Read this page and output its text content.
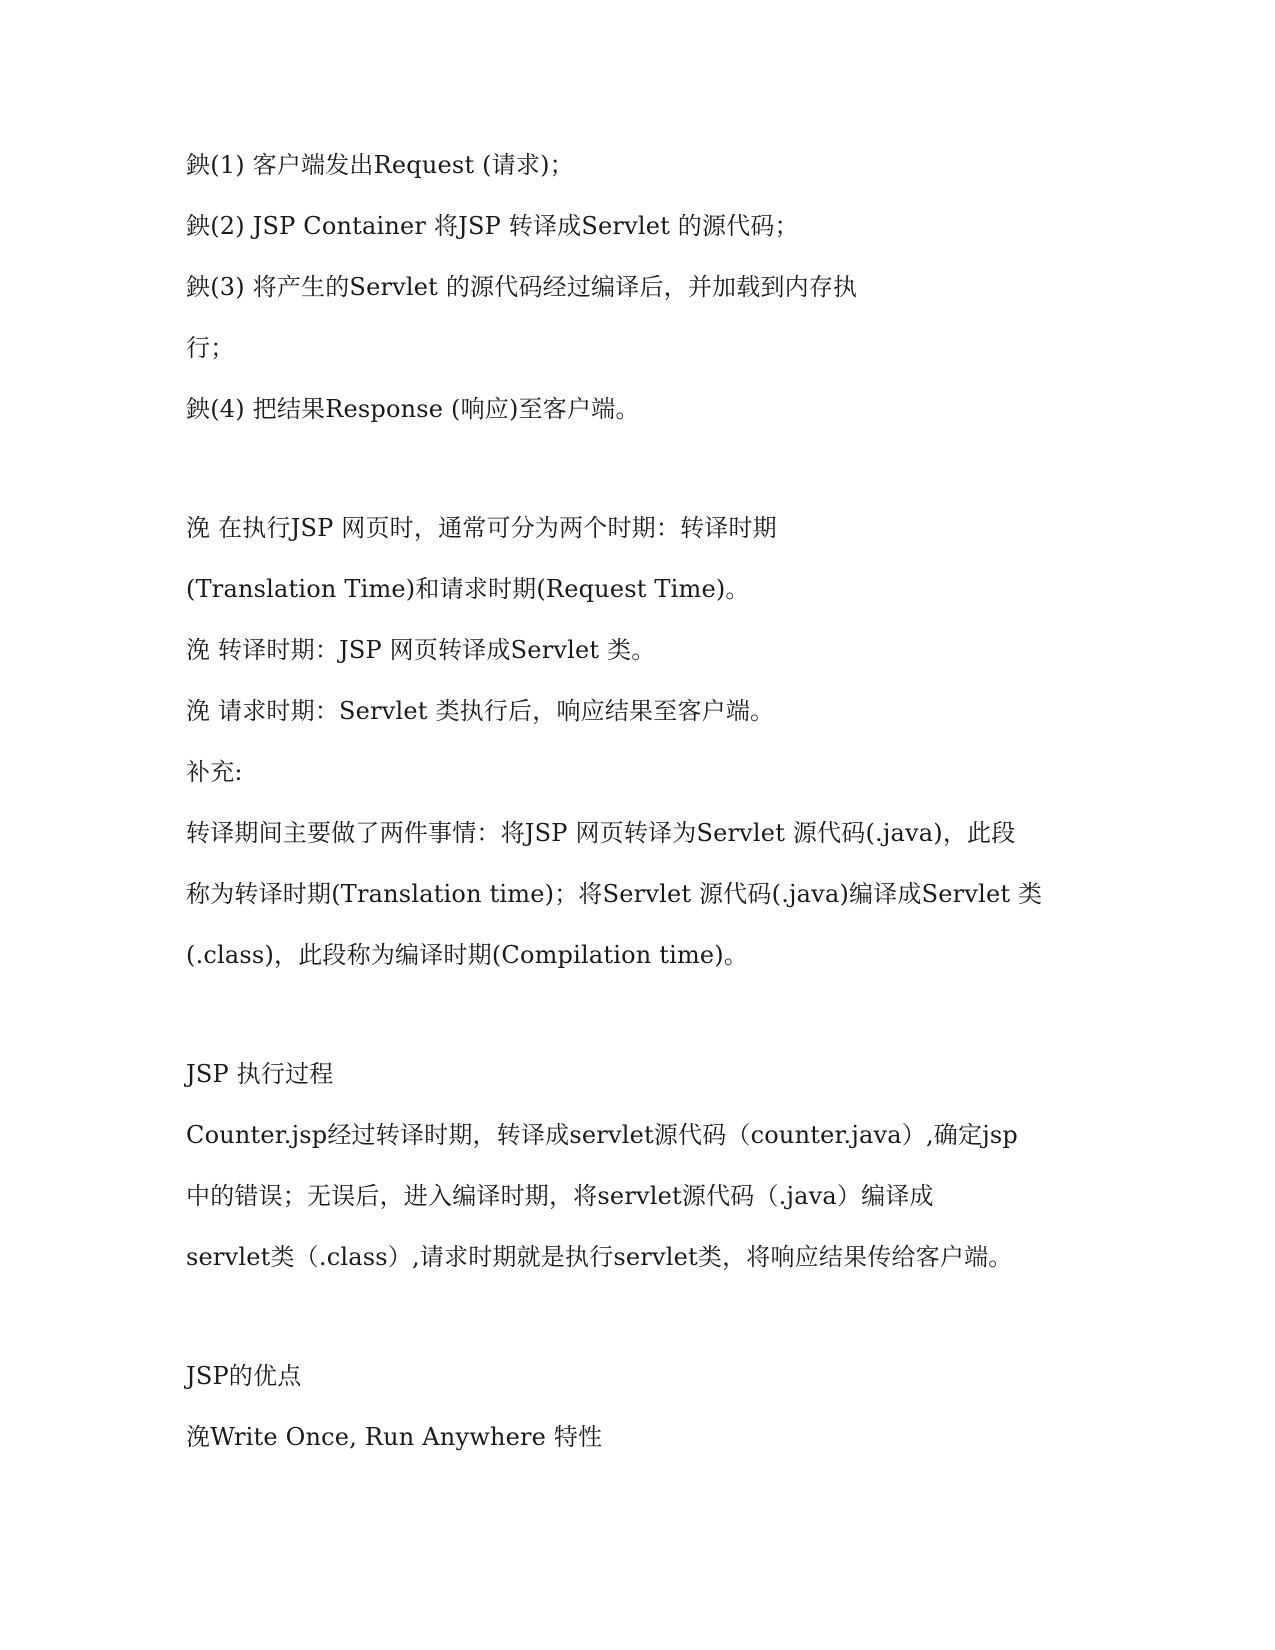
鉠(1) 客户端发出Request (请求)；
鉠(2) JSP Container 将JSP 转译成Servlet 的源代码；
鉠(3) 将产生的Servlet 的源代码经过编译后，并加载到内存执
行；
鉠(4) 把结果Response (响应)至客户端。
浼 在执行JSP 网页时，通常可分为两个时期：转译时期
(Translation Time)和请求时期(Request Time)。
浼 转译时期：JSP 网页转译成Servlet 类。
浼 请求时期：Servlet 类执行后，响应结果至客户端。
补充:
转译期间主要做了两件事情：将JSP 网页转译为Servlet 源代码(.java)，此段
称为转译时期(Translation time)；将Servlet 源代码(.java)编译成Servlet 类
(.class)，此段称为编译时期(Compilation time)。
JSP 执行过程
Counter.jsp经过转译时期，转译成servlet源代码（counter.java）,确定jsp
中的错误；无误后，进入编译时期，将servlet源代码（.java）编译成
servlet类（.class）,请求时期就是执行servlet类，将响应结果传给客户端。
JSP的优点
浼Write Once, Run Anywhere 特性
